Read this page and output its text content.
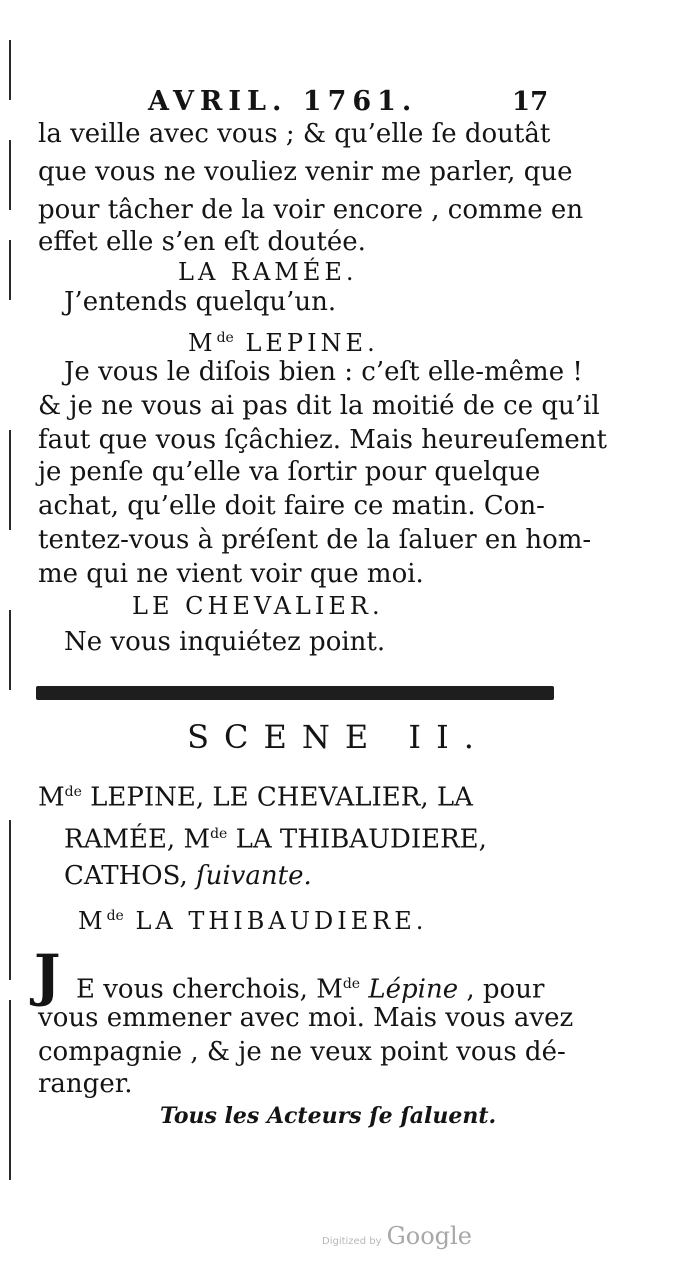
AVRIL. 1761.	17
la veille avec vous ; & qu’elle ſe doutât
que vous ne vouliez venir me parler, que
pour tâcher de la voir encore , comme en
effet elle s’en eſt doutée.
LA RAMÉE.
J’entends quelqu’un.
Mde LEPINE.
Je vous le diſois bien : c’eſt elle-même !
& je ne vous ai pas dit la moitié de ce qu’il
faut que vous ſçâchiez. Mais heureuſement
je penſe qu’elle va ſortir pour quelque
achat, qu’elle doit faire ce matin. Con-
tentez-vous à préſent de la ſaluer en hom-
me qui ne vient voir que moi.
LE CHEVALIER.
Ne vous inquiétez point.
SCENE II.
Mde LEPINE, LE CHEVALIER, LA
RAMÉE, Mde LA THIBAUDIERE,
CATHOS, ſuivante.
Mde LA THIBAUDIERE.
J E vous cherchois, Mde Lépine , pour
vous emmener avec moi. Mais vous avez
compagnie , & je ne veux point vous dé-
ranger.
Tous les Acteurs ſe ſaluent.
Digitized by Google
